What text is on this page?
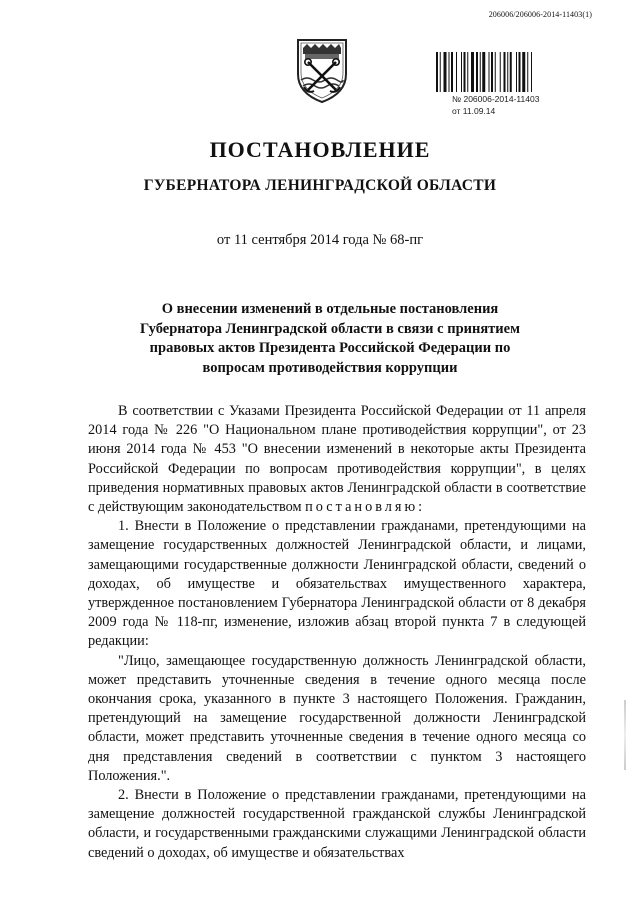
206006/206006-2014-11403(1)
№ 206006-2014-11403
от 11.09.14
ПОСТАНОВЛЕНИЕ
ГУБЕРНАТОРА ЛЕНИНГРАДСКОЙ ОБЛАСТИ
от 11 сентября 2014 года № 68-пг
О внесении изменений в отдельные постановления Губернатора Ленинградской области в связи с принятием правовых актов Президента Российской Федерации по вопросам противодействия коррупции

В соответствии с Указами Президента Российской Федерации от 11 апреля 2014 года № 226 "О Национальном плане противодействия коррупции", от 23 июня 2014 года № 453 "О внесении изменений в некоторые акты Президента Российской Федерации по вопросам противодействия коррупции", в целях приведения нормативных правовых актов Ленинградской области в соответствие с действующим законодательством постановляю:

1. Внести в Положение о представлении гражданами, претендующими на замещение государственных должностей Ленинградской области, и лицами, замещающими государственные должности Ленинградской области, сведений о доходах, об имуществе и обязательствах имущественного характера, утвержденное постановлением Губернатора Ленинградской области от 8 декабря 2009 года № 118-пг, изменение, изложив абзац второй пункта 7 в следующей редакции:

"Лицо, замещающее государственную должность Ленинградской области, может представить уточненные сведения в течение одного месяца после окончания срока, указанного в пункте 3 настоящего Положения. Гражданин, претендующий на замещение государственной должности Ленинградской области, может представить уточненные сведения в течение одного месяца со дня представления сведений в соответствии с пунктом 3 настоящего Положения.".

2. Внести в Положение о представлении гражданами, претендующими на замещение должностей государственной гражданской службы Ленинградской области, и государственными гражданскими служащими Ленинградской области сведений о доходах, об имуществе и обязательствах
